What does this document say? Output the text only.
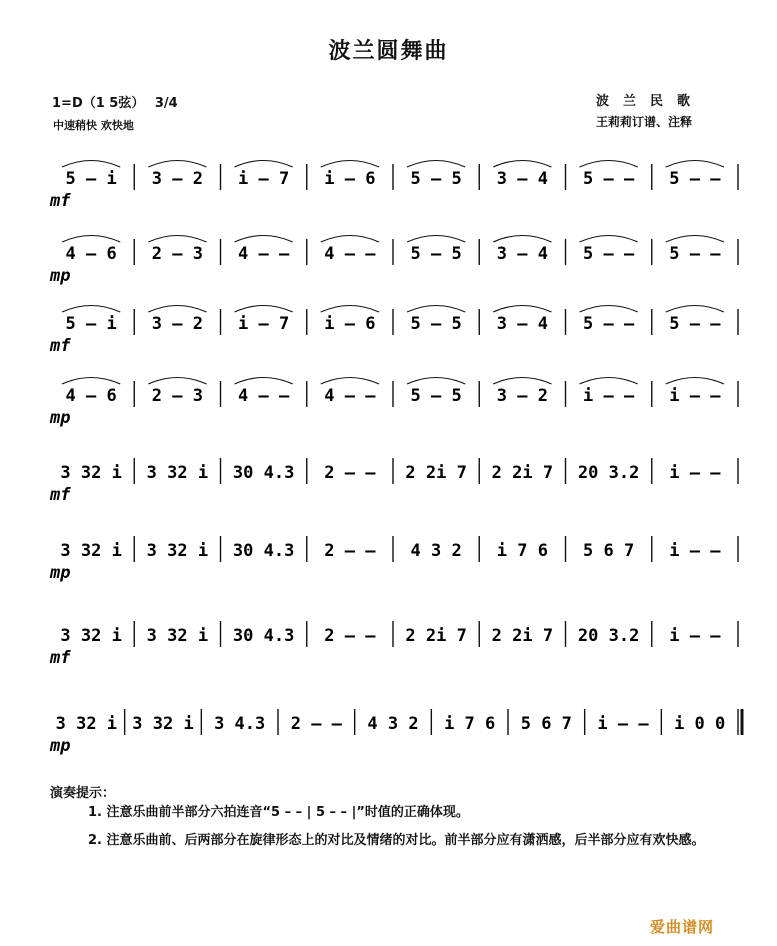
波兰圆舞曲
1=D（1 5弦） 3/4
中速稍快 欢快地
波兰民歌
王莉莉订谱、注释
5 – i 3 – 2 i – 7 i – 6 5 – 5 3 – 4 5 – – 5 – –
mf
4 – 6 2 – 3 4 – – 4 – – 5 – 5 3 – 4 5 – – 5 – –
mp
5 – i 3 – 2 i – 7 i – 6 5 – 5 3 – 4 5 – – 5 – –
mf
4 – 6 2 – 3 4 – – 4 – – 5 – 5 3 – 2 i – – i – –
mp
3 32 i 3 32 i 30 4.3 2 – – 2 2i 7 2 2i 7 20 3.2 i – –
mf
3 32 i 3 32 i 30 4.3 2 – – 4 3 2 i 7 6 5 6 7 i – –
mp
3 32 i 3 32 i 30 4.3 2 – – 2 2i 7 2 2i 7 20 3.2 i – –
mf
3 32 i 3 32 i 3 4.3 2 – – 4 3 2 i 7 6 5 6 7 i – – i 0 0
mp
演奏提示：
1. 注意乐曲前半部分六拍连音“5 – – | 5 – – |”时值的正确体现。
2. 注意乐曲前、后两部分在旋律形态上的对比及情绪的对比。前半部分应有潇洒感，后半部分应有欢快感。
爱曲谱网
